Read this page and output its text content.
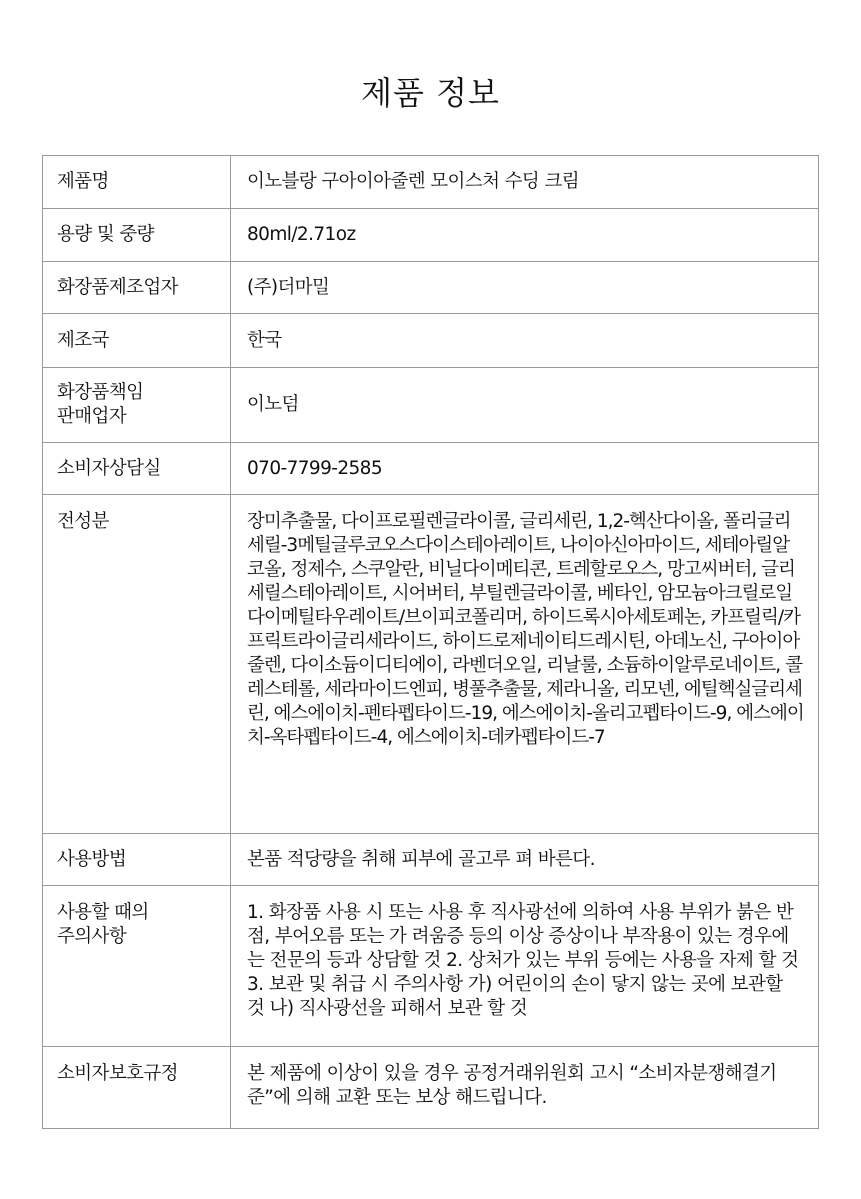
제품 정보
제품명	이노블랑 구아이아줄렌 모이스처 수딩 크림
용량 및 중량	80ml/2.71oz
화장품제조업자	(주)더마밀
제조국	한국
화장품책임
판매업자	이노덤
소비자상담실	070-7799-2585
전성분	장미추출물, 다이프로필렌글라이콜, 글리세린, 1,2-헥산다이올, 폴리글리세릴-3메틸글루코오스다이스테아레이트, 나이아신아마이드, 세테아릴알코올, 정제수, 스쿠알란, 비닐다이메티콘, 트레할로오스, 망고씨버터, 글리세릴스테아레이트, 시어버터, 부틸렌글라이콜, 베타인, 암모늄아크릴로일다이메틸타우레이트/브이피코폴리머, 하이드록시아세토페논, 카프릴릭/카프릭트라이글리세라이드, 하이드로제네이티드레시틴, 아데노신, 구아이아줄렌, 다이소듐이디티에이, 라벤더오일, 리날룰, 소듐하이알루로네이트, 콜레스테롤, 세라마이드엔피, 병풀추출물, 제라니올, 리모넨, 에틸헥실글리세린, 에스에이치-펜타펩타이드-19, 에스에이치-올리고펩타이드-9, 에스에이치-옥타펩타이드-4, 에스에이치-데카펩타이드-7
사용방법	본품 적당량을 취해 피부에 골고루 펴 바른다.
사용할 때의
주의사항	1. 화장품 사용 시 또는 사용 후 직사광선에 의하여 사용 부위가 붉은 반점, 부어오름 또는 가 려움증 등의 이상 증상이나 부작용이 있는 경우에는 전문의 등과 상담할 것 2. 상처가 있는 부위 등에는 사용을 자제 할 것 3. 보관 및 취급 시 주의사항 가) 어린이의 손이 닿지 않는 곳에 보관할 것 나) 직사광선을 피해서 보관 할 것
소비자보호규정	본 제품에 이상이 있을 경우 공정거래위원회 고시 “소비자분쟁해결기준”에 의해 교환 또는 보상 해드립니다.
